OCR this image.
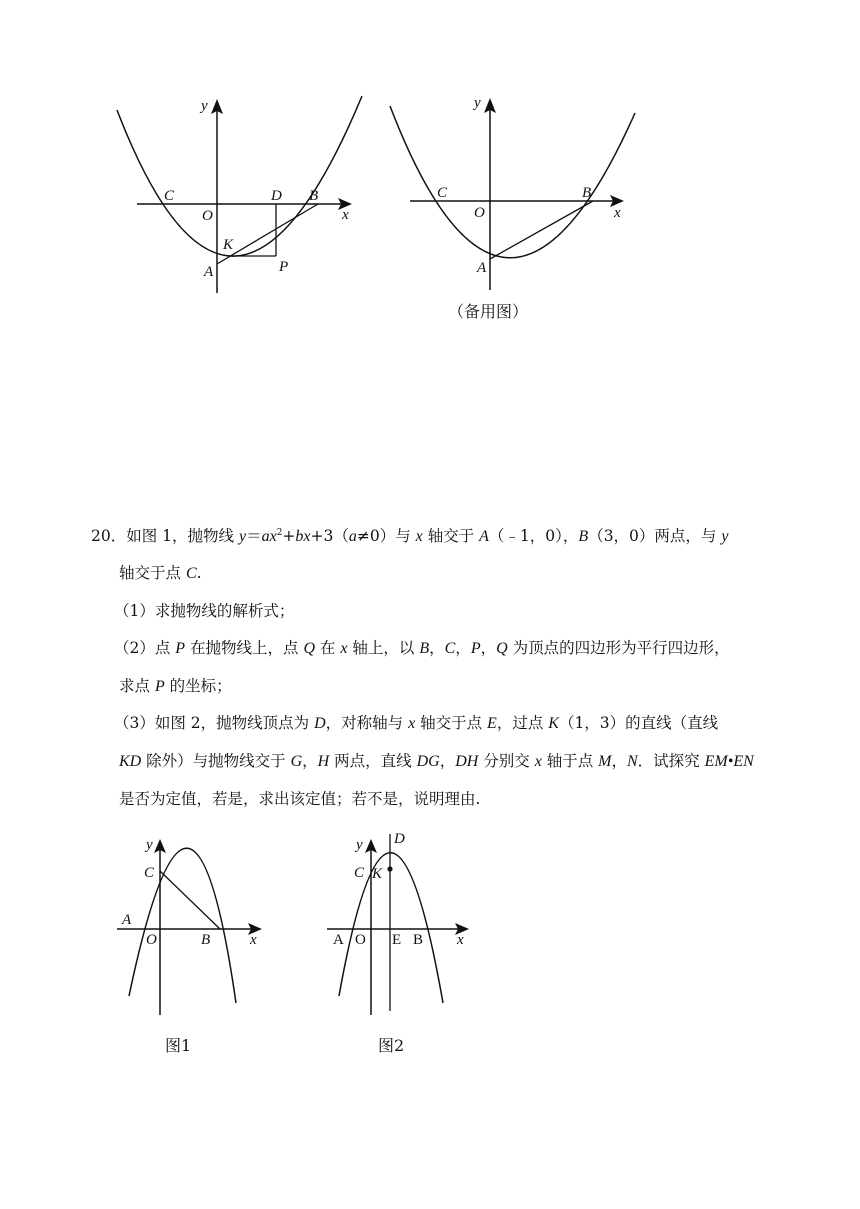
y
C
O
D B
x
K
A	P
y
C
O
B
x
A
（备用图）
20．如图 1，抛物线 $y=ax^2+bx+3(a\ne 0)$与 x 轴交于 A（﹣1，0），B（3，0）两点，与 y
轴交于点 C.
（1）求抛物线的解析式；
（2）点 P 在抛物线上，点 Q 在 x 轴上，以 B，C，P，Q 为顶点的四边形为平行四边形，
求点 P 的坐标；
（3）如图 2，抛物线顶点为 D，对称轴与 x 轴交于点 E，过点 K（1，3）的直线（直线
KD 除外）与抛物线交于 G，H 两点，直线 DG，DH 分别交 x 轴于点 M，N．试探究 EM•EN
是否为定值，若是，求出该定值；若不是，说明理由.
y
C
A
O	B	x
图1
D
y
C K
A O E B x
图2
